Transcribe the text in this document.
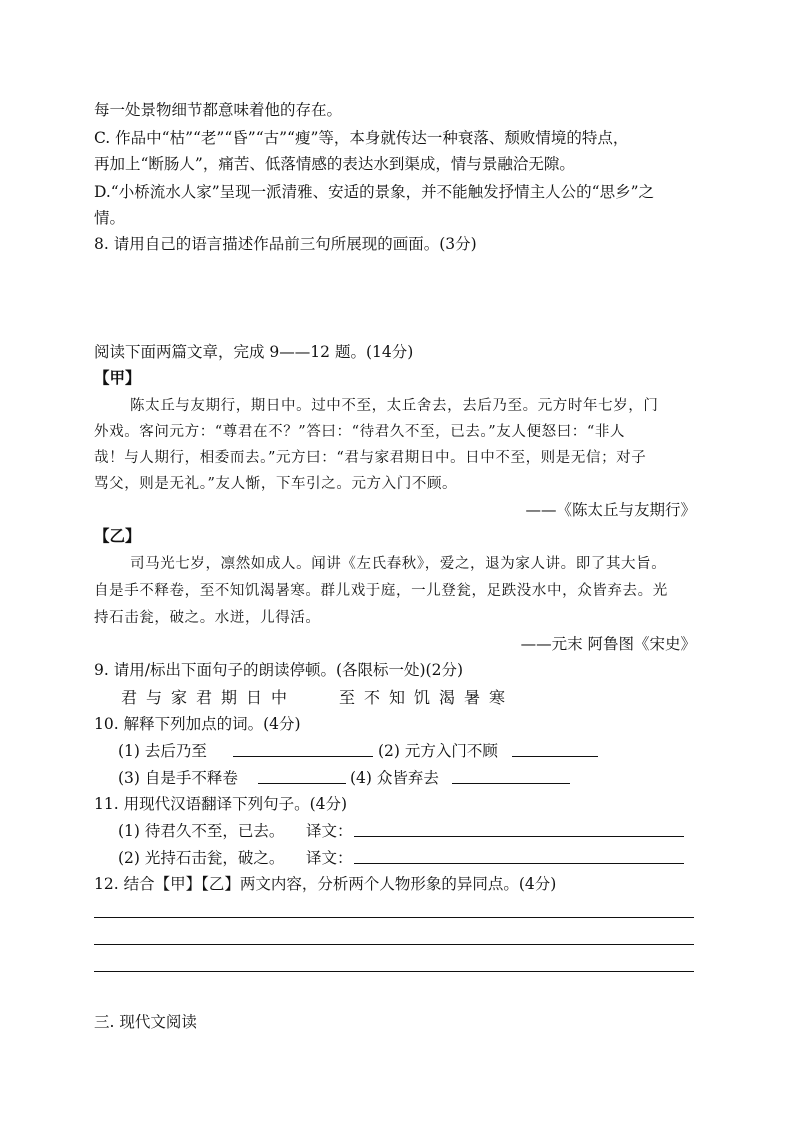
每一处景物细节都意味着他的存在。
C. 作品中“枯”“老”“昏”“古”“瘦”等，本身就传达一种衰落、颓败情境的特点，
再加上“断肠人”，痛苦、低落情感的表达水到渠成，情与景融洽无隙。
D.“小桥流水人家”呈现一派清雅、安适的景象，并不能触发抒情主人公的“思乡”之
情。
8. 请用自己的语言描述作品前三句所展现的画面。(3分)
阅读下面两篇文章，完成 9——12 题。(14分)
【甲】
陈太丘与友期行，期日中。过中不至，太丘舍去，去后乃至。元方时年七岁，门
外戏。客问元方：“尊君在不？”答曰：“待君久不至，已去。”友人便怒曰：“非人
哉！与人期行，相委而去。”元方曰：“君与家君期日中。日中不至，则是无信；对子
骂父，则是无礼。”友人惭，下车引之。元方入门不顾。
——《陈太丘与友期行》
【乙】
司马光七岁，凛然如成人。闻讲《左氏春秋》，爱之，退为家人讲。即了其大旨。
自是手不释卷，至不知饥渴暑寒。群儿戏于庭，一儿登瓮，足跌没水中，众皆弃去。光
持石击瓮，破之。水迸，儿得活。
——元末 阿鲁图《宋史》
9. 请用/标出下面句子的朗读停顿。(各限标一处)(2分)
君与家君期日中	至不知饥渴暑寒
10. 解释下列加点的词。(4分)
(1) 去后乃至	(2) 元方入门不顾
(3) 自是手不释卷	(4) 众皆弃去
11. 用现代汉语翻译下列句子。(4分)
(1) 待君久不至，已去。 译文：
(2) 光持石击瓮，破之。 译文：
12. 结合【甲】【乙】两文内容，分析两个人物形象的异同点。(4分)
三. 现代文阅读
